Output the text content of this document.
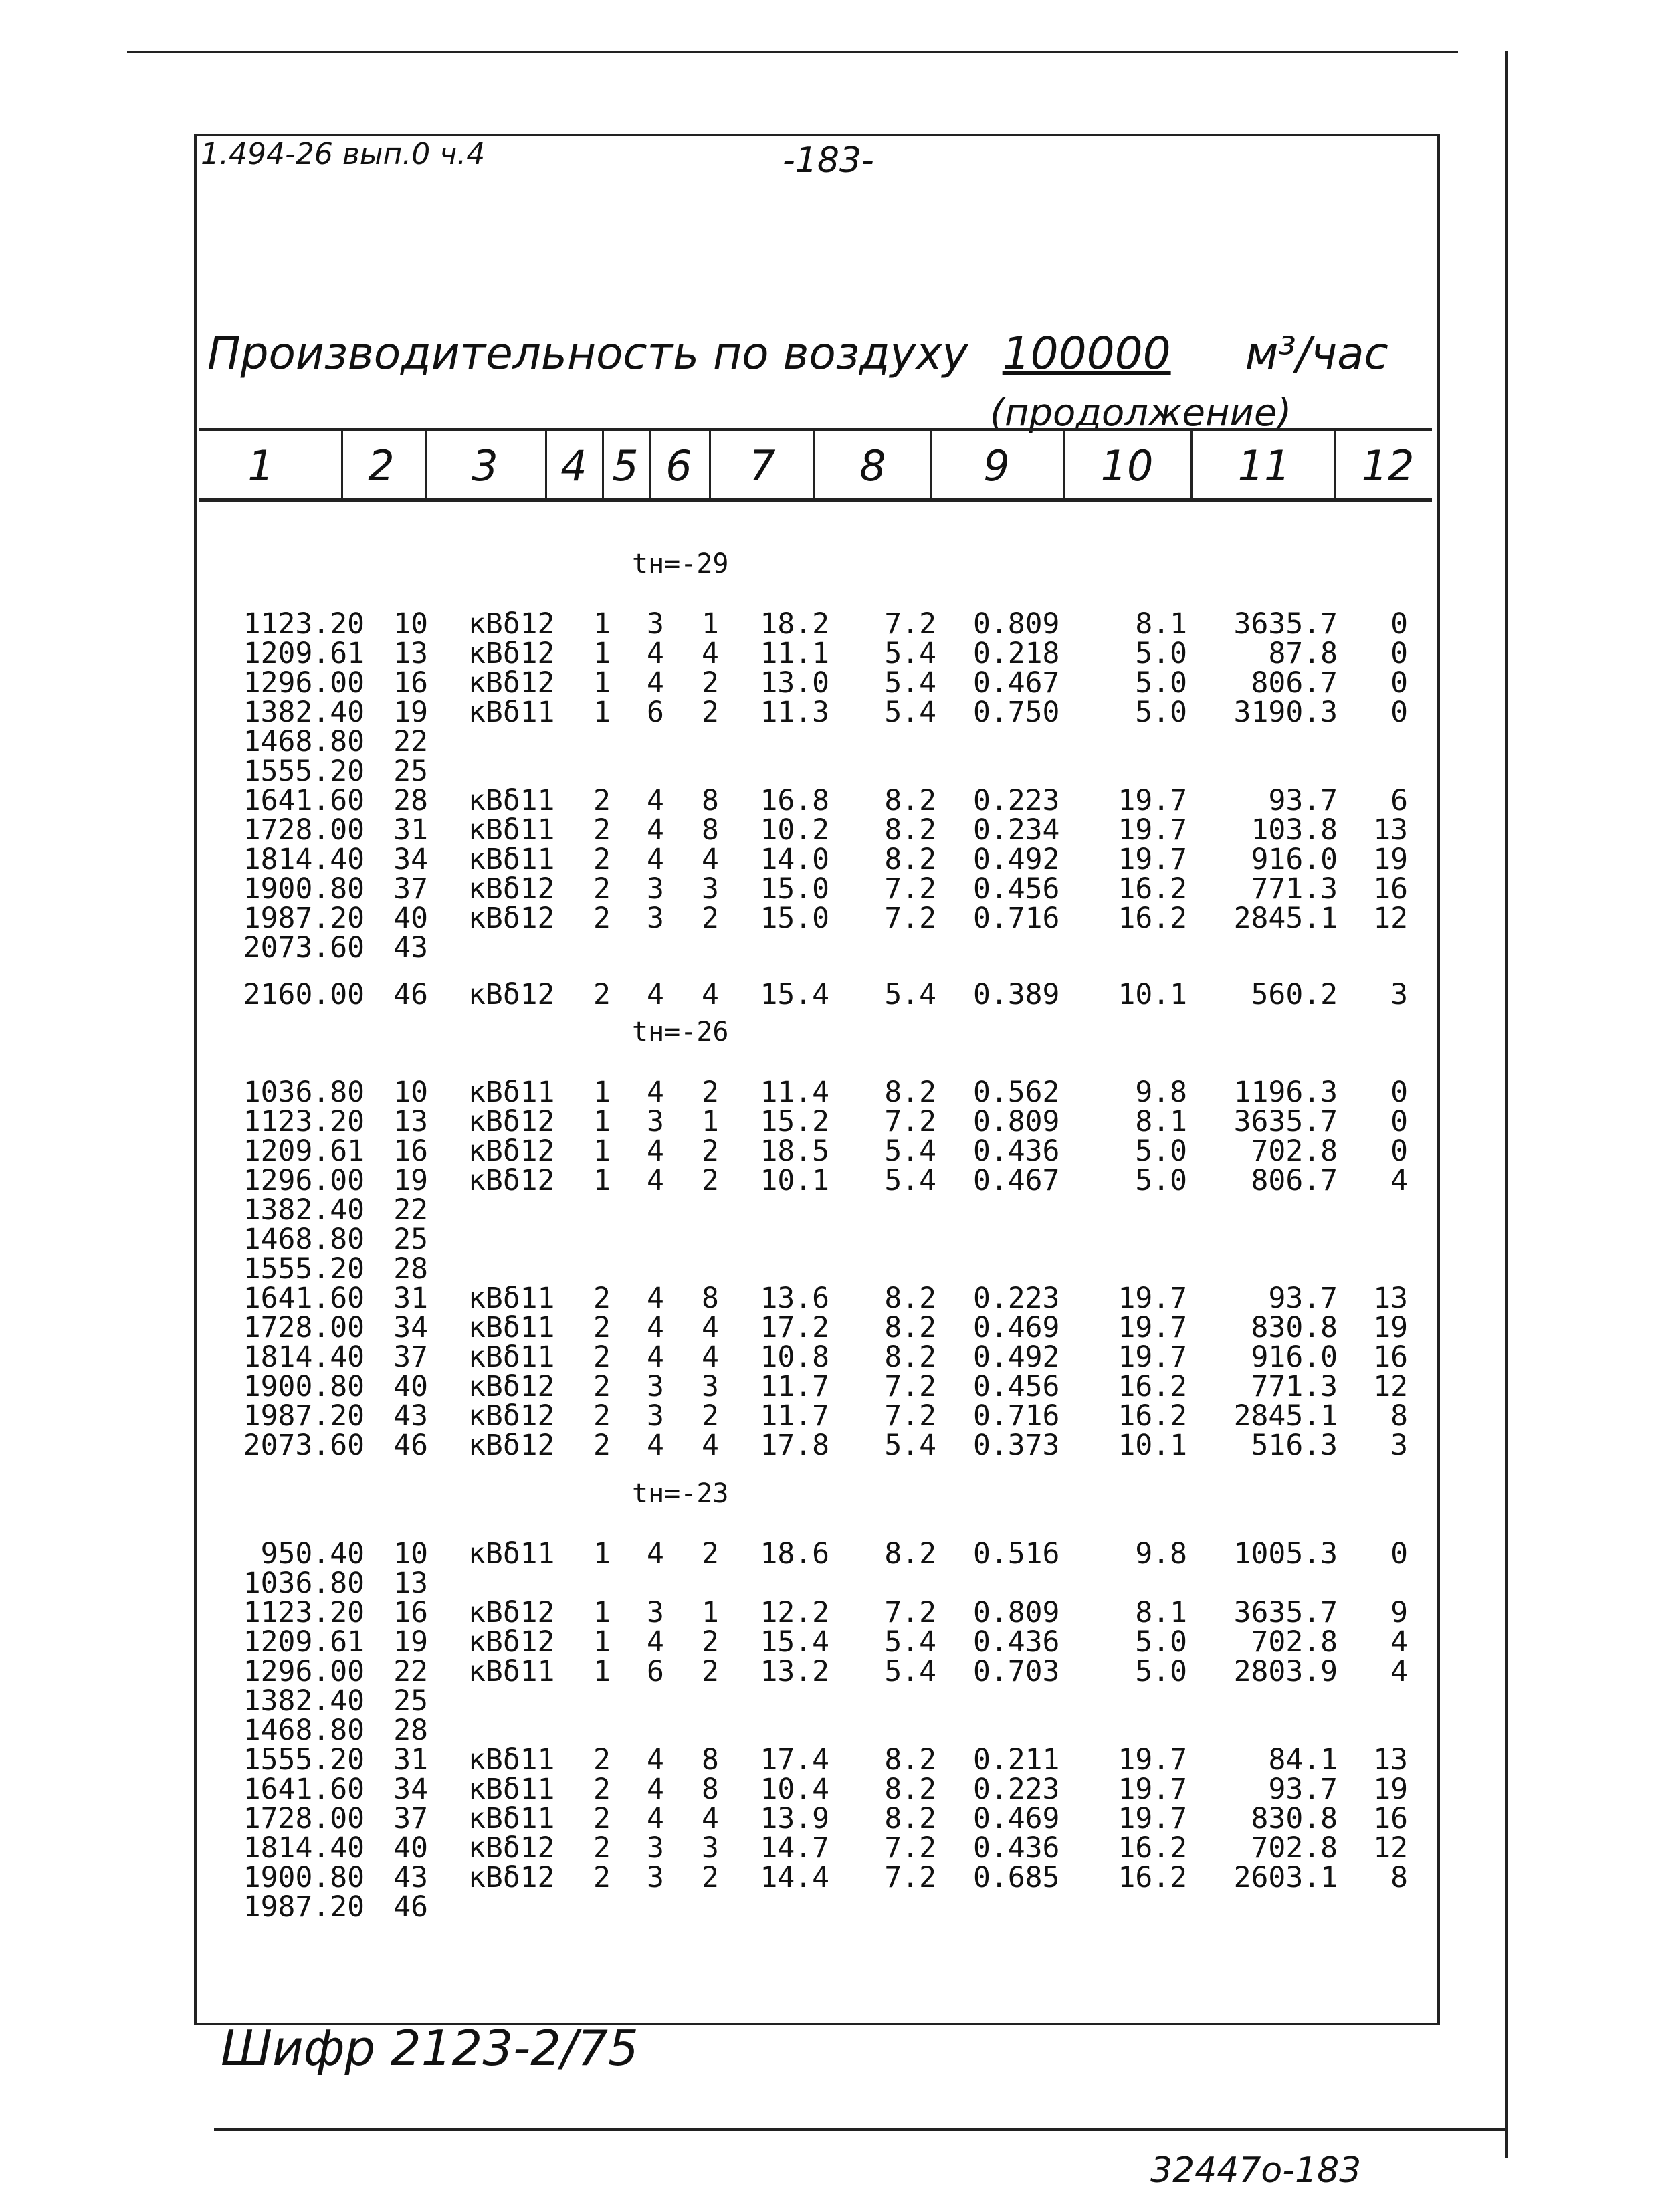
1.494-26 вып.0 ч.4	-183-
Производительность по воздуху 100000 м³/час
(продолжение)
1	2	3	4 5 6	7	8	9	10 11 12
tн=-29
1123.20	10 кВδ12	1	3	1	18.2	7.2 0.809	8.1	3635.7	0
1209.61	13 кВδ12	1	4	4	11.1	5.4 0.218	5.0	87.8	0
1296.00	16 кВδ12	1	4	2	13.0	5.4 0.467	5.0	806.7	0
1382.40	19 кВδ11	1	6	2	11.3	5.4 0.750	5.0	3190.3	0
1468.80	22
1555.20	25
1641.60	28 кВδ11	2	4	8	16.8	8.2 0.223	19.7	93.7	6
1728.00	31 кВδ11	2	4	8	10.2	8.2 0.234	19.7	103.8	13
1814.40	34 кВδ11	2	4	4	14.0	8.2 0.492	19.7	916.0	19
1900.80	37 кВδ12	2	3	3	15.0	7.2 0.456	16.2	771.3	16
1987.20	40 кВδ12	2	3	2	15.0	7.2 0.716	16.2	2845.1	12
2073.60	43
2160.00	46 кВδ12	2	4	4	15.4	5.4 0.389	10.1	560.2	3
tн=-26
1036.80	10 кВδ11	1	4	2	11.4	8.2 0.562	9.8	1196.3	0
1123.20	13 кВδ12	1	3	1	15.2	7.2 0.809	8.1	3635.7	0
1209.61	16 кВδ12	1	4	2	18.5	5.4 0.436	5.0	702.8	0
1296.00	19 кВδ12	1	4	2	10.1	5.4 0.467	5.0	806.7	4
1382.40	22
1468.80	25
1555.20	28
1641.60	31 кВδ11	2	4	8	13.6	8.2 0.223	19.7	93.7	13
1728.00	34 кВδ11	2	4	4	17.2	8.2 0.469	19.7	830.8	19
1814.40	37 кВδ11	2	4	4	10.8	8.2 0.492	19.7	916.0	16
1900.80	40 кВδ12	2	3	3	11.7	7.2 0.456	16.2	771.3	12
1987.20	43 кВδ12	2	3	2	11.7	7.2 0.716	16.2	2845.1	8
2073.60	46 кВδ12	2	4	4	17.8	5.4 0.373	10.1	516.3	3
tн=-23
950.40	10 кВδ11	1	4	2	18.6	8.2 0.516	9.8	1005.3	0
1036.80	13
1123.20	16 кВδ12	1	3	1	12.2	7.2 0.809	8.1	3635.7	9
1209.61	19 кВδ12	1	4	2	15.4	5.4 0.436	5.0	702.8	4
1296.00	22 кВδ11	1	6	2	13.2	5.4 0.703	5.0	2803.9	4
1382.40	25
1468.80	28
1555.20	31 кВδ11	2	4	8	17.4	8.2 0.211	19.7	84.1	13
1641.60	34 кВδ11	2	4	8	10.4	8.2 0.223	19.7	93.7	19
1728.00	37 кВδ11	2	4	4	13.9	8.2 0.469	19.7	830.8	16
1814.40	40 кВδ12	2	3	3	14.7	7.2 0.436	16.2	702.8	12
1900.80	43 кВδ12	2	3	2	14.4	7.2 0.685	16.2	2603.1	8
1987.20	46
Шифр 2123-2/75
32447о-183
